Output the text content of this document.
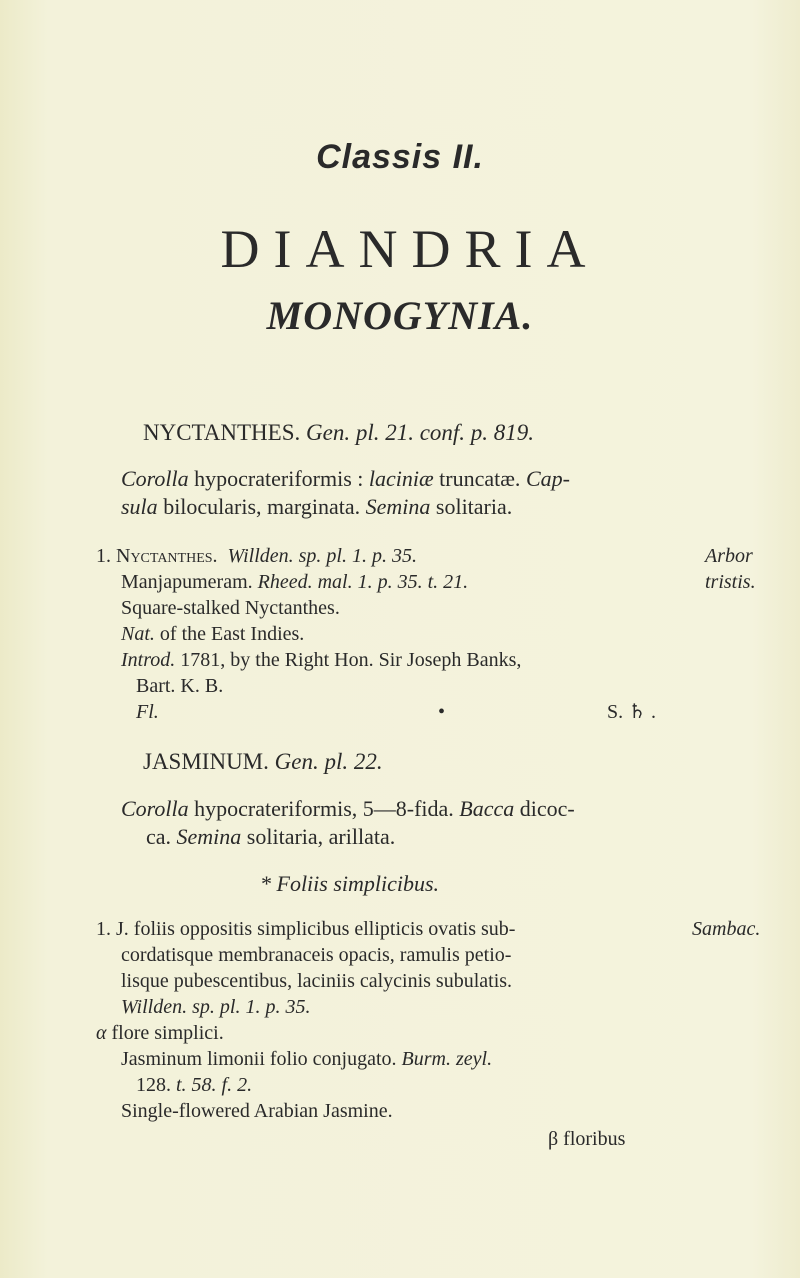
Classis II.
DIANDRIA
MONOGYNIA.
NYCTANTHES. Gen. pl. 21. conf. p. 819.
Corolla hypocrateriformis : laciniæ truncatæ. Cap-
sula bilocularis, marginata. Semina solitaria.
1. Nyctanthes. Willden. sp. pl. 1. p. 35.	Arbor
Manjapumeram. Rheed. mal. 1. p. 35. t. 21.	tristis.
Square-stalked Nyctanthes.
Nat. of the East Indies.
Introd. 1781, by the Right Hon. Sir Joseph Banks,
Bart. K. B.
Fl.	•	S. ♄ .
JASMINUM. Gen. pl. 22.
Corolla hypocrateriformis, 5—8-fida. Bacca dicoc-
ca. Semina solitaria, arillata.
* Foliis simplicibus.
1. J. foliis oppositis simplicibus ellipticis ovatis sub-	Sambac.
cordatisque membranaceis opacis, ramulis petio-
lisque pubescentibus, laciniis calycinis subulatis.
Willden. sp. pl. 1. p. 35.
α flore simplici.
Jasminum limonii folio conjugato. Burm. zeyl.
128. t. 58. f. 2.
Single-flowered Arabian Jasmine.
β floribus
